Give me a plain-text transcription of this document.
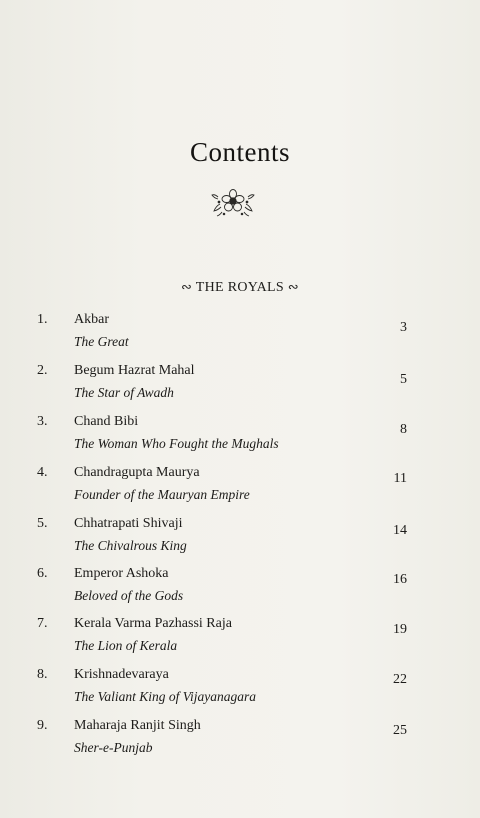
Contents
∾ THE ROYALS ∾
1. Akbar
The Great
3
2. Begum Hazrat Mahal
The Star of Awadh
5
3. Chand Bibi
The Woman Who Fought the Mughals
8
4. Chandragupta Maurya
Founder of the Mauryan Empire
11
5. Chhatrapati Shivaji
The Chivalrous King
14
6. Emperor Ashoka
Beloved of the Gods
16
7. Kerala Varma Pazhassi Raja
The Lion of Kerala
19
8. Krishnadevaraya
The Valiant King of Vijayanagara
22
9. Maharaja Ranjit Singh
Sher-e-Punjab
25
